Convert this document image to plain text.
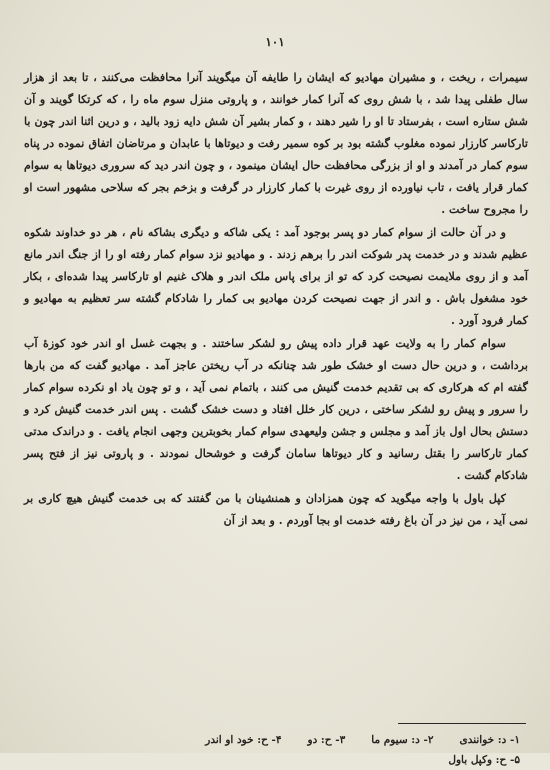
۱۰۱

سیمرات ، ریخت ، و مشیران مهادیو که ایشان را طایفه آن میگویند آنرا محافظت می‌کنند ، تا بعد از هزار سال طفلی پیدا شد ، با شش روی که آنرا کمار خوانند ، و پاروتی منزل سوم ماه را ، که کرتکا گویند و آن شش ستاره است ، بفرستاد تا او را شیر دهند ، و کمار بشیر آن شش دایه زود بالید ، و درین اثنا اندر چون با تارکاسر کارزار نموده مغلوب گشته بود بر کوه سمیر رفت و دیوتاها با عابدان و مرتاضان اتفاق نموده در پناه سوم کمار در آمدند و او از بزرگی محافظت حال ایشان مینمود ، و چون اندر دید که سروری دیوتاها به سوام کمار قرار یافت ، تاب نیاورده از روی غیرت با کمار کارزار در گرفت و بزخم بجر که سلاحی مشهور است او را مجروح ساخت .

و در آن حالت از سوام کمار دو پسر بوجود آمد : یکی شاکه و دیگری بشاکه نام ، هر دو خداوند شکوه عظیم شدند و در خدمت پدر شوکت اندر را برهم زدند . و مهادیو نزد سوام کمار رفته او را از جنگ اندر مانع آمد و از روی ملایمت نصیحت کرد که تو از برای پاس ملک اندر و هلاک غنیم او تارکاسر پیدا شده‌ای ، بکار خود مشغول باش . و اندر از جهت نصیحت کردن مهادیو بی کمار را شادکام گشته سر تعظیم به مهادیو و کمار فرود آورد .

سوام کمار را به ولایت عهد قرار داده پیش رو لشکر ساختند . و بجهت غسل او اندر خود کوزهٔ آب برداشت ، و درین حال دست او خشک طور شد چنانکه در آب ریختن عاجز آمد . مهادیو گفت که من بارها گفته ام که هرکاری که بی تقدیم خدمت گنیش می کنند ، باتمام نمی آید ، و تو چون یاد او نکرده سوام کمار را سرور و پیش رو لشکر ساختی ، درین کار خلل افتاد و دست خشک گشت . پس اندر خدمت گنیش کرد و دستش بحال اول باز آمد و مجلس و جشن ولیعهدی سوام کمار بخوبترین وجهی انجام یافت . و دراندک مدتی کمار تارکاسر را بقتل رسانید و کار دیوتاها سامان گرفت و خوشحال نمودند . و پاروتی نیز از فتح پسر شادکام گشت .

کپل باول با واجه میگوید که چون همزادان و همنشینان با من گفتند که بی خدمت گنیش هیچ کاری بر نمی آید ، من نیز در آن باغ رفته خدمت او بجا آوردم . و بعد از آن

۱- د: خوانندی
۲- د: سیوم ما
۳- ح: دو
۴- ح: خود او اندر
۵- ح: وکپل باول
